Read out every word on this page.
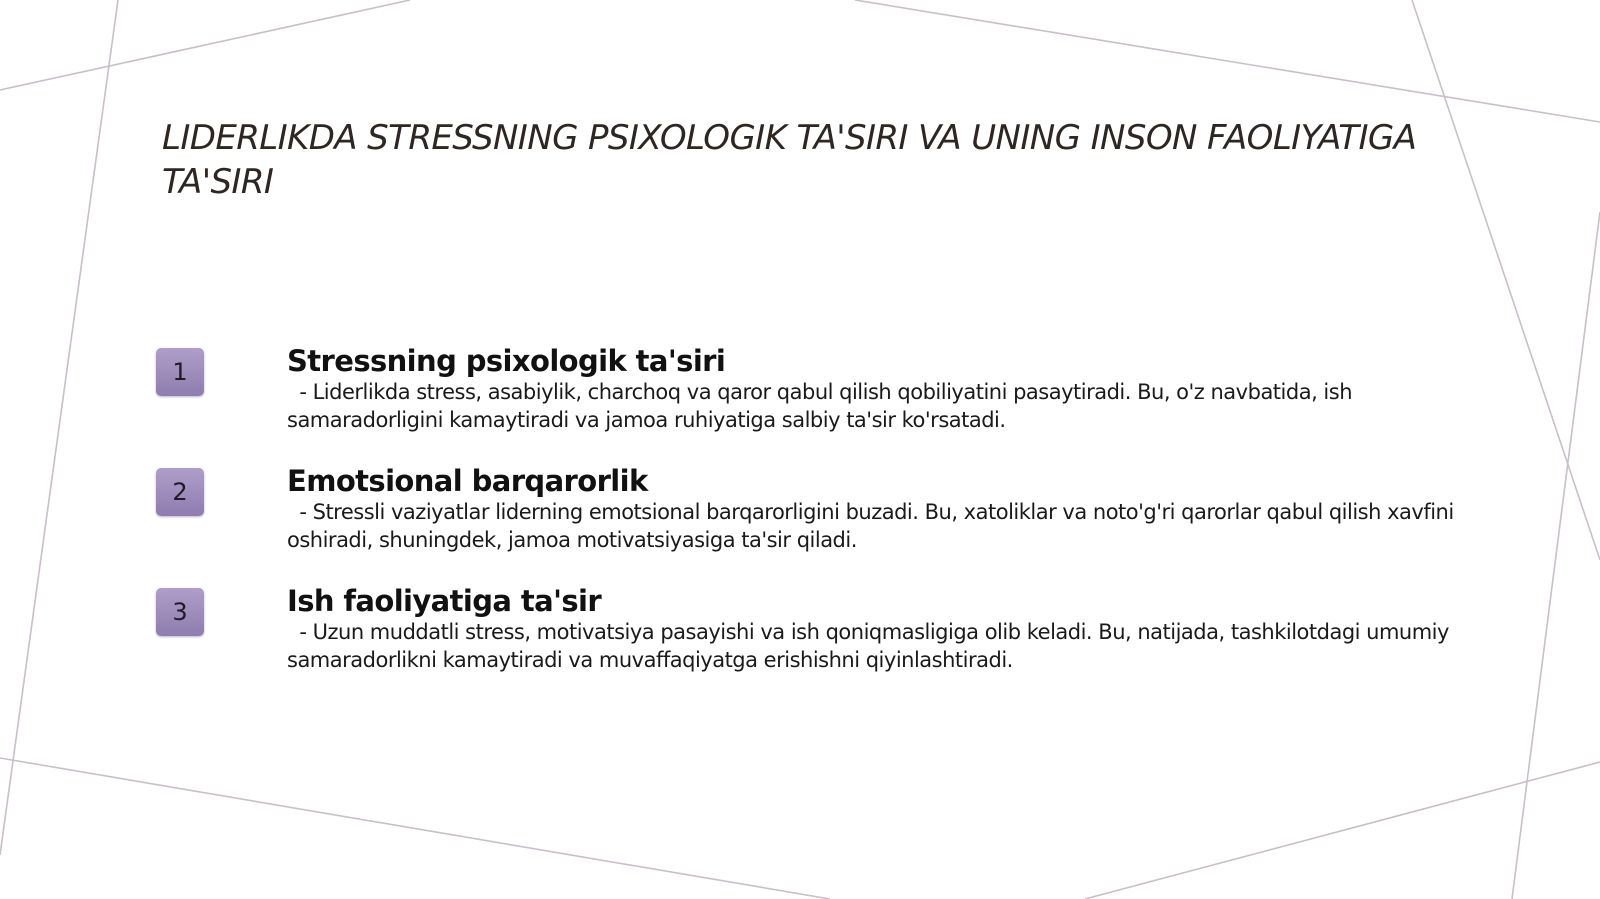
LIDERLIKDA STRESSNING PSIXOLOGIK TA'SIRI VA UNING INSON FAOLIYATIGA TA'SIRI
1	Stressning psixologik ta'siri

- Liderlikda stress, asabiylik, charchoq va qaror qabul qilish qobiliyatini pasaytiradi. Bu, o'z navbatida, ish samaradorligini kamaytiradi va jamoa ruhiyatiga salbiy ta'sir ko'rsatadi.

2	Emotsional barqarorlik

- Stressli vaziyatlar liderning emotsional barqarorligini buzadi. Bu, xatoliklar va noto'g'ri qarorlar qabul qilish xavfini oshiradi, shuningdek, jamoa motivatsiyasiga ta'sir qiladi.

3	Ish faoliyatiga ta'sir

- Uzun muddatli stress, motivatsiya pasayishi va ish qoniqmasligiga olib keladi. Bu, natijada, tashkilotdagi umumiy samaradorlikni kamaytiradi va muvaffaqiyatga erishishni qiyinlashtiradi.
